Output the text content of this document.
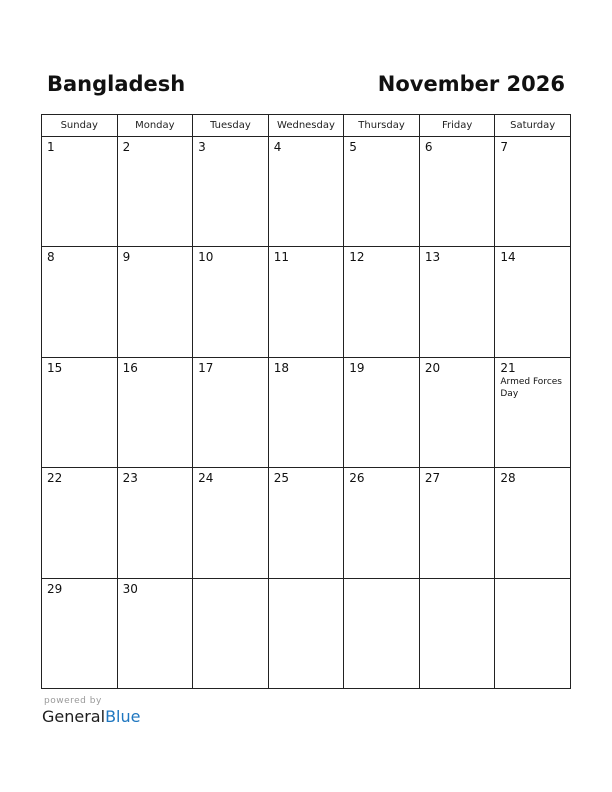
Bangladesh	November 2026
Sunday	Monday	Tuesday	Wednesday	Thursday	Friday	Saturday

1	2	3	4	5	6	7

8	9	10	11	12	13	14

15	16	17	18	19	20	21
Armed Forces Day

22	23	24	25	26	27	28

29	30					

powered by
GeneralBlue
